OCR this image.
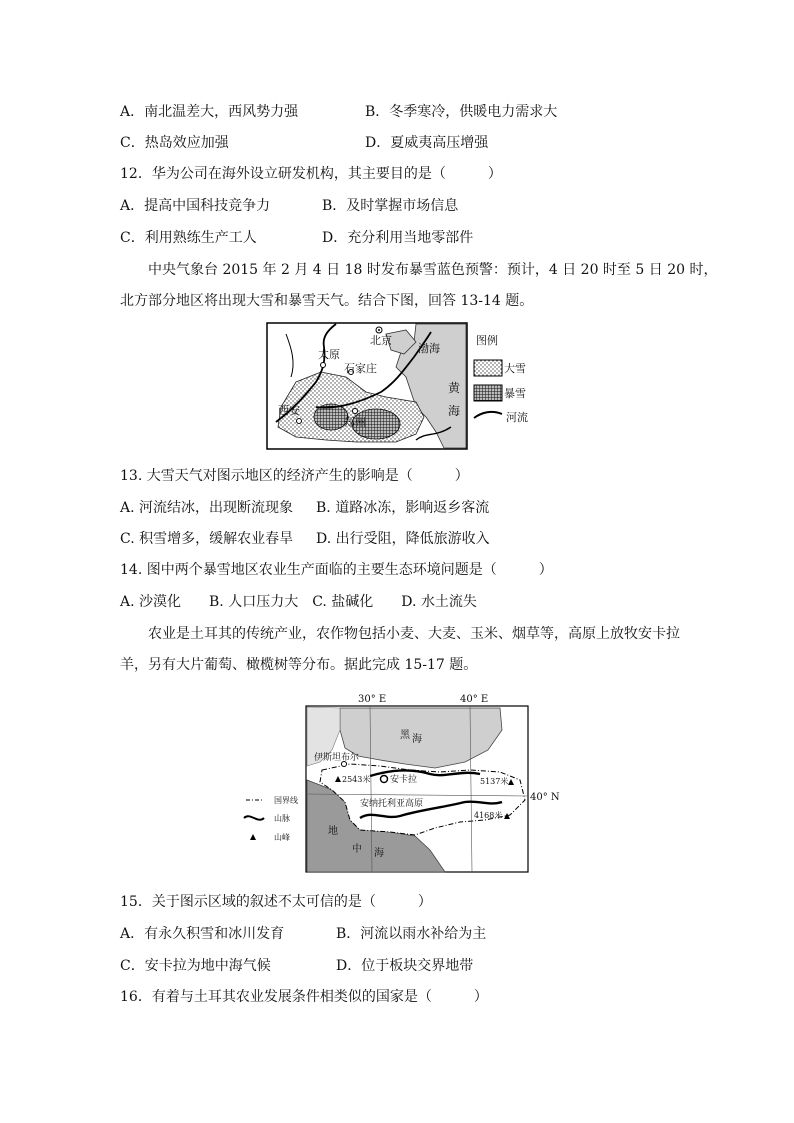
A．南北温差大，西风势力强	B．冬季寒冷，供暖电力需求大
C．热岛效应加强	D．夏威夷高压增强
12．华为公司在海外设立研发机构，其主要目的是（　　　）
A．提高中国科技竞争力	B．及时掌握市场信息
C．利用熟练生产工人	D．充分利用当地零部件
中央气象台 2015 年 2 月 4 日 18 时发布暴雪蓝色预警：预计，4 日 20 时至 5 日 20 时，
北方部分地区将出现大雪和暴雪天气。结合下图，回答 13-14 题。
北京
太原
石家庄
渤海
西安
郑州
黄
海
图例
大雪
暴雪
河流
13. 大雪天气对图示地区的经济产生的影响是（　　　）
A. 河流结冰，出现断流现象 B. 道路冰冻，影响返乡客流
C. 积雪增多，缓解农业春旱 D. 出行受阻，降低旅游收入
14. 图中两个暴雪地区农业生产面临的主要生态环境问题是（　　　）
A. 沙漠化　　B. 人口压力大　C. 盐碱化　　D. 水土流失
农业是土耳其的传统产业，农作物包括小麦、大麦、玉米、烟草等，高原上放牧安卡拉
羊，另有大片葡萄、橄榄树等分布。据此完成 15-17 题。
30° E	40° E
40° N
黑 海
伊斯坦布尔
2543米 安卡拉	5137米
安纳托利亚高原
4168米
地
中 海
国界线
山脉
山峰
15．关于图示区域的叙述不太可信的是（　　　）
A．有永久积雪和冰川发育	B．河流以雨水补给为主
C．安卡拉为地中海气候	D．位于板块交界地带
16．有着与土耳其农业发展条件相类似的国家是（　　　）
